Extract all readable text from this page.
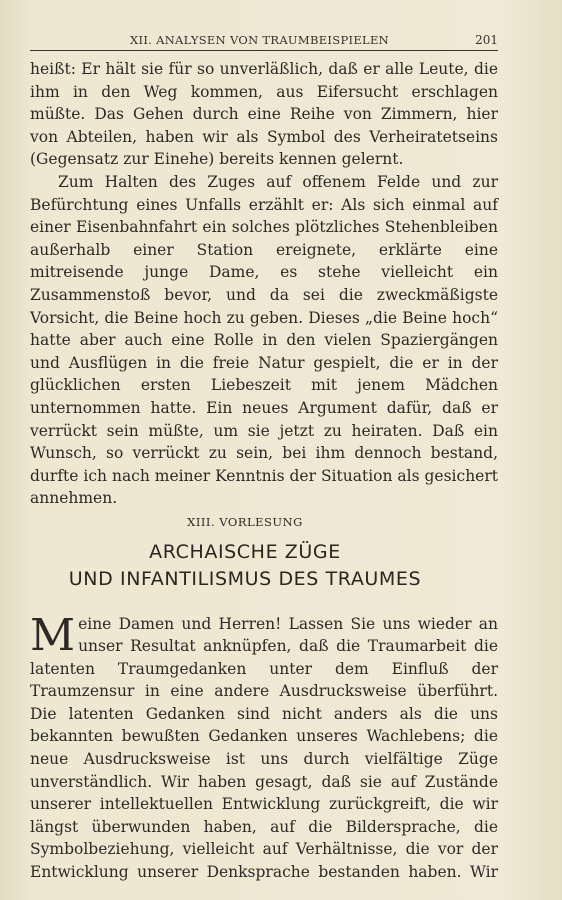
XII. ANALYSEN VON TRAUMBEISPIELEN	201

heißt: Er hält sie für so unverläßlich, daß er alle Leute, die ihm in den Weg kommen, aus Eifersucht erschlagen müßte. Das Gehen durch eine Reihe von Zimmern, hier von Abteilen, haben wir als Symbol des Verheiratetseins (Gegensatz zur Einehe) bereits kennen gelernt.

Zum Halten des Zuges auf offenem Felde und zur Befürchtung eines Unfalls erzählt er: Als sich einmal auf einer Eisenbahnfahrt ein solches plötzliches Stehenbleiben außerhalb einer Station ereignete, erklärte eine mitreisende junge Dame, es stehe vielleicht ein Zusammenstoß bevor, und da sei die zweckmäßigste Vorsicht, die Beine hoch zu geben. Dieses „die Beine hoch“ hatte aber auch eine Rolle in den vielen Spaziergängen und Ausflügen in die freie Natur gespielt, die er in der glücklichen ersten Liebeszeit mit jenem Mädchen unternommen hatte. Ein neues Argument dafür, daß er verrückt sein müßte, um sie jetzt zu heiraten. Daß ein Wunsch, so verrückt zu sein, bei ihm dennoch bestand, durfte ich nach meiner Kenntnis der Situation als gesichert annehmen.

XIII. VORLESUNG
ARCHAISCHE ZÜGE
UND INFANTILISMUS DES TRAUMES

Meine Damen und Herren! Lassen Sie uns wieder an unser Resultat anknüpfen, daß die Traumarbeit die latenten Traumgedanken unter dem Einfluß der Traumzensur in eine andere Ausdrucksweise überführt. Die latenten Gedanken sind nicht anders als die uns bekannten bewußten Gedanken unseres Wachlebens; die neue Ausdrucksweise ist uns durch vielfältige Züge unverständlich. Wir haben gesagt, daß sie auf Zustände unserer intellektuellen Entwicklung zurückgreift, die wir längst überwunden haben, auf die Bildersprache, die Symbolbeziehung, vielleicht auf Verhältnisse, die vor der Entwicklung unserer Denksprache bestanden haben. Wir
